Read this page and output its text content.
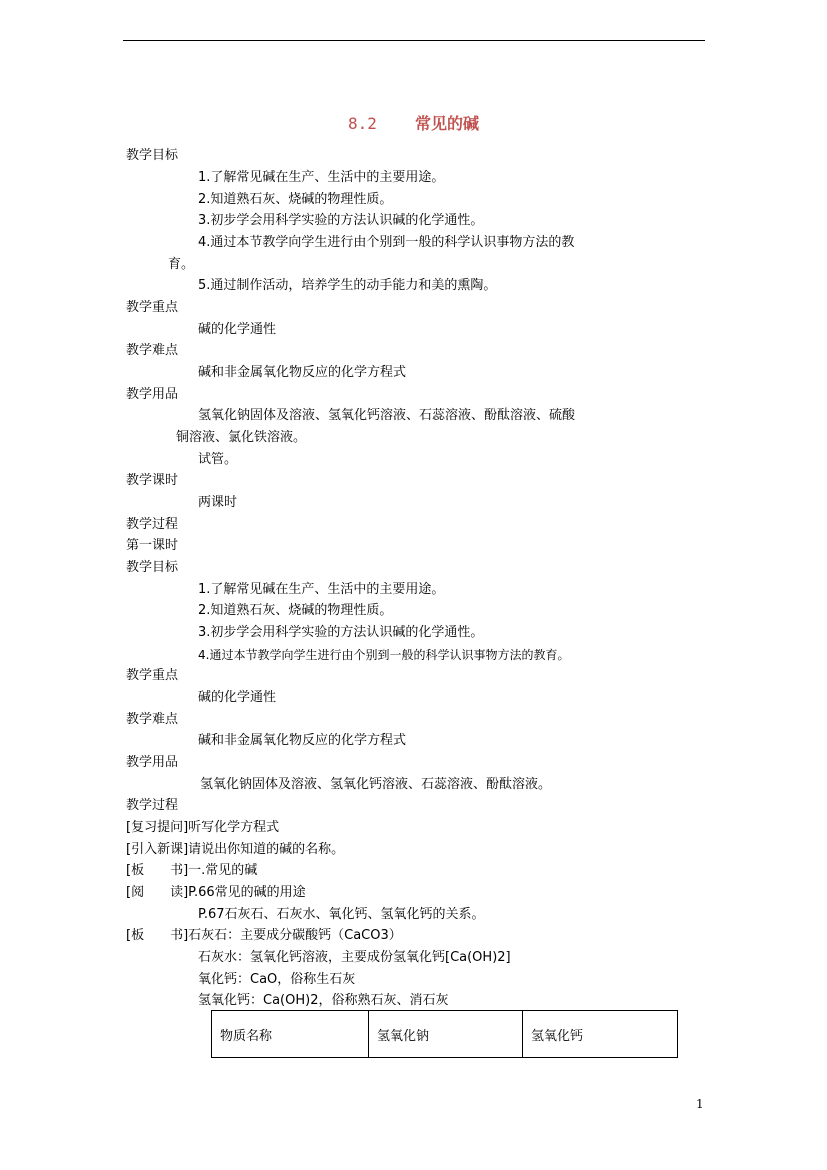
8.2 常见的碱
教学目标
1.了解常见碱在生产、生活中的主要用途。
2.知道熟石灰、烧碱的物理性质。
3.初步学会用科学实验的方法认识碱的化学通性。
4.通过本节教学向学生进行由个别到一般的科学认识事物方法的教
育。
5.通过制作活动，培养学生的动手能力和美的熏陶。
教学重点
碱的化学通性
教学难点
碱和非金属氧化物反应的化学方程式
教学用品
氢氧化钠固体及溶液、氢氧化钙溶液、石蕊溶液、酚酞溶液、硫酸
铜溶液、氯化铁溶液。
试管。
教学课时
两课时
教学过程
第一课时
教学目标
1.了解常见碱在生产、生活中的主要用途。
2.知道熟石灰、烧碱的物理性质。
3.初步学会用科学实验的方法认识碱的化学通性。
4.通过本节教学向学生进行由个别到一般的科学认识事物方法的教育。
教学重点
碱的化学通性
教学难点
碱和非金属氧化物反应的化学方程式
教学用品
氢氧化钠固体及溶液、氢氧化钙溶液、石蕊溶液、酚酞溶液。
教学过程
[复习提问]听写化学方程式
[引入新课]请说出你知道的碱的名称。
[板　　书]一.常见的碱
[阅　　读]P.66常见的碱的用途
P.67石灰石、石灰水、氧化钙、氢氧化钙的关系。
[板　　书]石灰石：主要成分碳酸钙（CaCO3）
石灰水：氢氧化钙溶液，主要成份氢氧化钙[Ca(OH)2]
氧化钙：CaO，俗称生石灰
氢氧化钙：Ca(OH)2，俗称熟石灰、消石灰
物质名称	氢氧化钠	氢氧化钙
1
